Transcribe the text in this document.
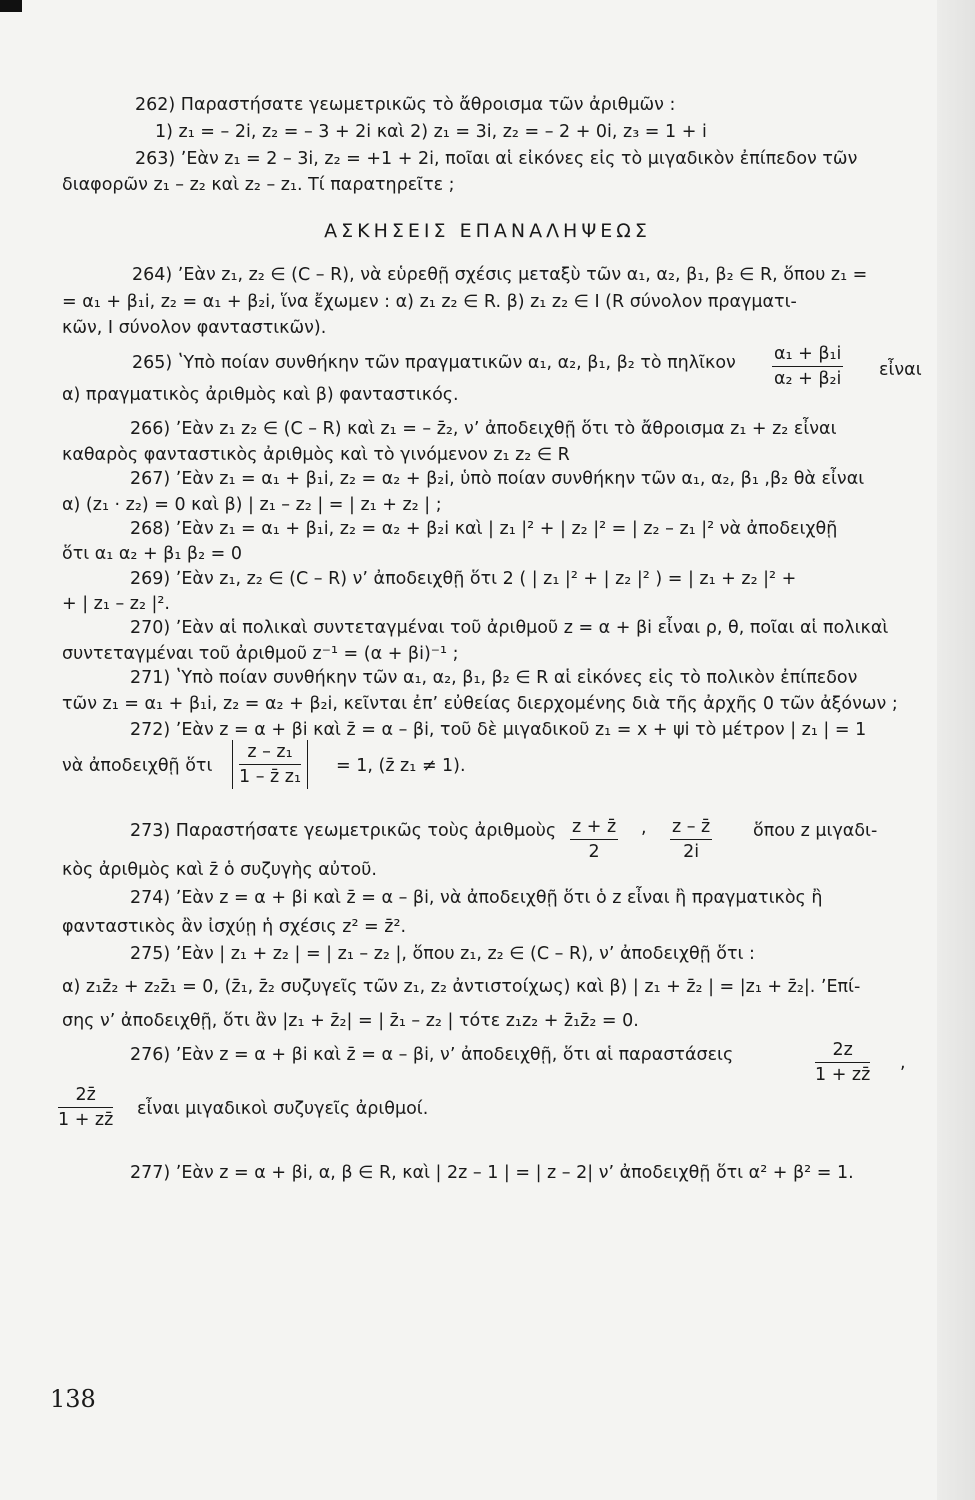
262) Παραστήσατε γεωμετρικῶς τὸ ἄθροισμα τῶν ἀριθμῶν :
1) z₁ = – 2i, z₂ = – 3 + 2i καὶ 2) z₁ = 3i, z₂ = – 2 + 0i, z₃ = 1 + i
263) ʼΕὰν z₁ = 2 – 3i, z₂ = +1 + 2i, ποῖαι αἱ εἰκόνες εἰς τὸ μιγαδικὸν ἐπίπεδον τῶν
διαφορῶν z₁ – z₂ καὶ z₂ – z₁. Τί παρατηρεῖτε ;
264) ʼΕὰν z₁, z₂ ∈ (C – R), νὰ εὑρεθῇ σχέσις μεταξὺ τῶν α₁, α₂, β₁, β₂ ∈ R, ὅπου z₁ =
= α₁ + β₁i, z₂ = α₁ + β₂i, ἵνα ἔχωμεν : α) z₁ z₂ ∈ R. β) z₁ z₂ ∈ I (R σύνολον πραγματι-
κῶν, I σύνολον φανταστικῶν).
265) ʽΥπὸ ποίαν συνθήκην τῶν πραγματικῶν α₁, α₂, β₁, β₂ τὸ πηλῖκον	εἶναι
α) πραγματικὸς ἀριθμὸς καὶ β) φανταστικός.
266) ʼΕὰν z₁ z₂ ∈ (C – R) καὶ z₁ = – z̄₂, ν’ ἀποδειχθῇ ὅτι τὸ ἄθροισμα z₁ + z₂ εἶναι
καθαρὸς φανταστικὸς ἀριθμὸς καὶ τὸ γινόμενον z₁ z₂ ∈ R
267) ʼΕὰν z₁ = α₁ + β₁i, z₂ = α₂ + β₂i, ὑπὸ ποίαν συνθήκην τῶν α₁, α₂, β₁ ,β₂ θὰ εἶναι
α) (z₁ · z₂) = 0 καὶ β) | z₁ – z₂ | = | z₁ + z₂ | ;
268) ʼΕὰν z₁ = α₁ + β₁i, z₂ = α₂ + β₂i καὶ | z₁ |² + | z₂ |² = | z₂ – z₁ |² νὰ ἀποδειχθῇ
ὅτι α₁ α₂ + β₁ β₂ = 0
269) ʼΕὰν z₁, z₂ ∈ (C – R) ν’ ἀποδειχθῇ ὅτι 2 ( | z₁ |² + | z₂ |² ) = | z₁ + z₂ |² +
+ | z₁ – z₂ |².
270) ʼΕὰν αἱ πολικαὶ συντεταγμέναι τοῦ ἀριθμοῦ z = α + βi εἶναι ρ, θ, ποῖαι αἱ πολικαὶ
συντεταγμέναι τοῦ ἀριθμοῦ z⁻¹ = (α + βi)⁻¹ ;
271) ʽΥπὸ ποίαν συνθήκην τῶν α₁, α₂, β₁, β₂ ∈ R αἱ εἰκόνες εἰς τὸ πολικὸν ἐπίπεδον
τῶν z₁ = α₁ + β₁i, z₂ = α₂ + β₂i, κεῖνται ἐπ’ εὐθείας διερχομένης διὰ τῆς ἀρχῆς 0 τῶν ἀξόνων ;
272) ʼΕὰν z = α + βi καὶ z̄ = α – βi, τοῦ δὲ μιγαδικοῦ z₁ = x + ψi τὸ μέτρον | z₁ | = 1
νὰ ἀποδειχθῇ ὅτι	= 1, (z̄ z₁ ≠ 1).
273) Παραστήσατε γεωμετρικῶς τοὺς ἀριθμοὺς	ὅπου z μιγαδι-
κὸς ἀριθμὸς καὶ z̄ ὁ συζυγὴς αὐτοῦ.
274) ʼΕὰν z = α + βi καὶ z̄ = α – βi, νὰ ἀποδειχθῇ ὅτι ὁ z εἶναι ἢ πραγματικὸς ἢ
φανταστικὸς ἂν ἰσχύῃ ἡ σχέσις z² = z̄².
275) ʼΕὰν | z₁ + z₂ | = | z₁ – z₂ |, ὅπου z₁, z₂ ∈ (C – R), ν’ ἀποδειχθῇ ὅτι :
α) z₁z̄₂ + z₂z̄₁ = 0, (z̄₁, z̄₂ συζυγεῖς τῶν z₁, z₂ ἀντιστοίχως) καὶ β) | z₁ + z̄₂ | = |z₁ + z̄₂|. ʼΕπί-
σης ν’ ἀποδειχθῇ, ὅτι ἂν |z₁ + z̄₂| = | z̄₁ – z₂ | τότε z₁z₂ + z̄₁z̄₂ = 0.
276) ʼΕὰν z = α + βi καὶ z̄ = α – βi, ν’ ἀποδειχθῇ, ὅτι αἱ παραστάσεις	,
εἶναι μιγαδικοὶ συζυγεῖς ἀριθμοί.
277) ʼΕὰν z = α + βi, α, β ∈ R, καὶ | 2z – 1 | = | z – 2| ν’ ἀποδειχθῇ ὅτι α² + β² = 1.
ΑΣΚΗΣΕΙΣ ΕΠΑΝΑΛΗΨΕΩΣ
$\frac{\text{α₁ + β₁i}}{\text{α₂ + β₂i}}$
$\frac{z + z̄}{2}$	$\frac{z - z̄}{2i}$
$\frac{2z}{1 + zz̄}$
$\frac{2z̄}{1 + zz̄}$
,
$\frac{\text{z – z₁}}{\text{1 – z̄ z₁}}$
138
